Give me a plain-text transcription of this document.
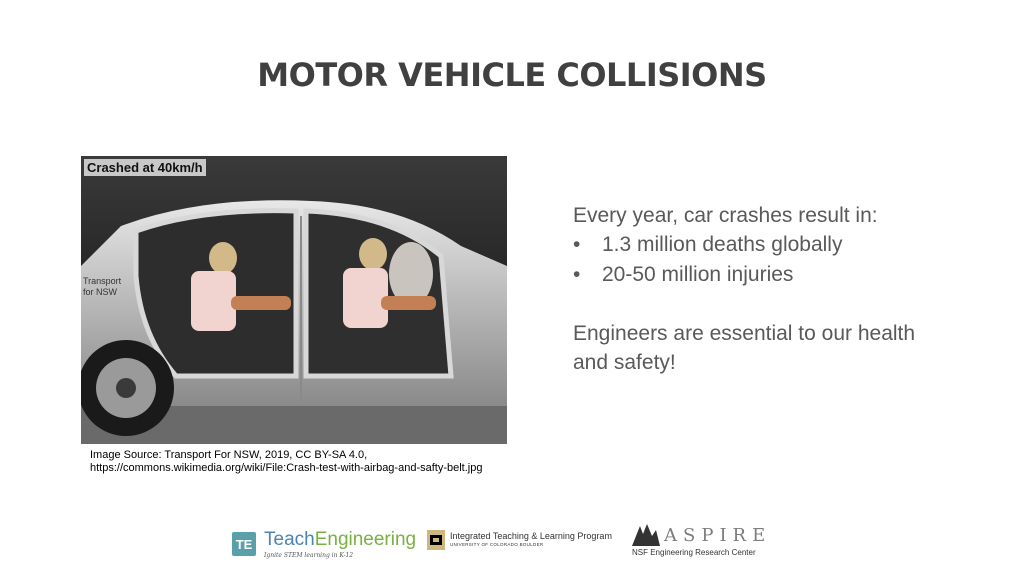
MOTOR VEHICLE COLLISIONS
Transport
for NSW
Crashed at 40km/h
Image Source: Transport For NSW, 2019, CC BY-SA 4.0,
https://commons.wikimedia.org/wiki/File:Crash-test-with-airbag-and-safty-belt.jpg
Every year, car crashes result in:
• 1.3 million deaths globally
• 20-50 million injuries
Engineers are essential to our health
and safety!
TE TeachEngineering
Ignite STEM learning in K-12
Integrated Teaching & Learning Program
UNIVERSITY OF COLORADO BOULDER	ASPIRE
NSF Engineering Research Center
